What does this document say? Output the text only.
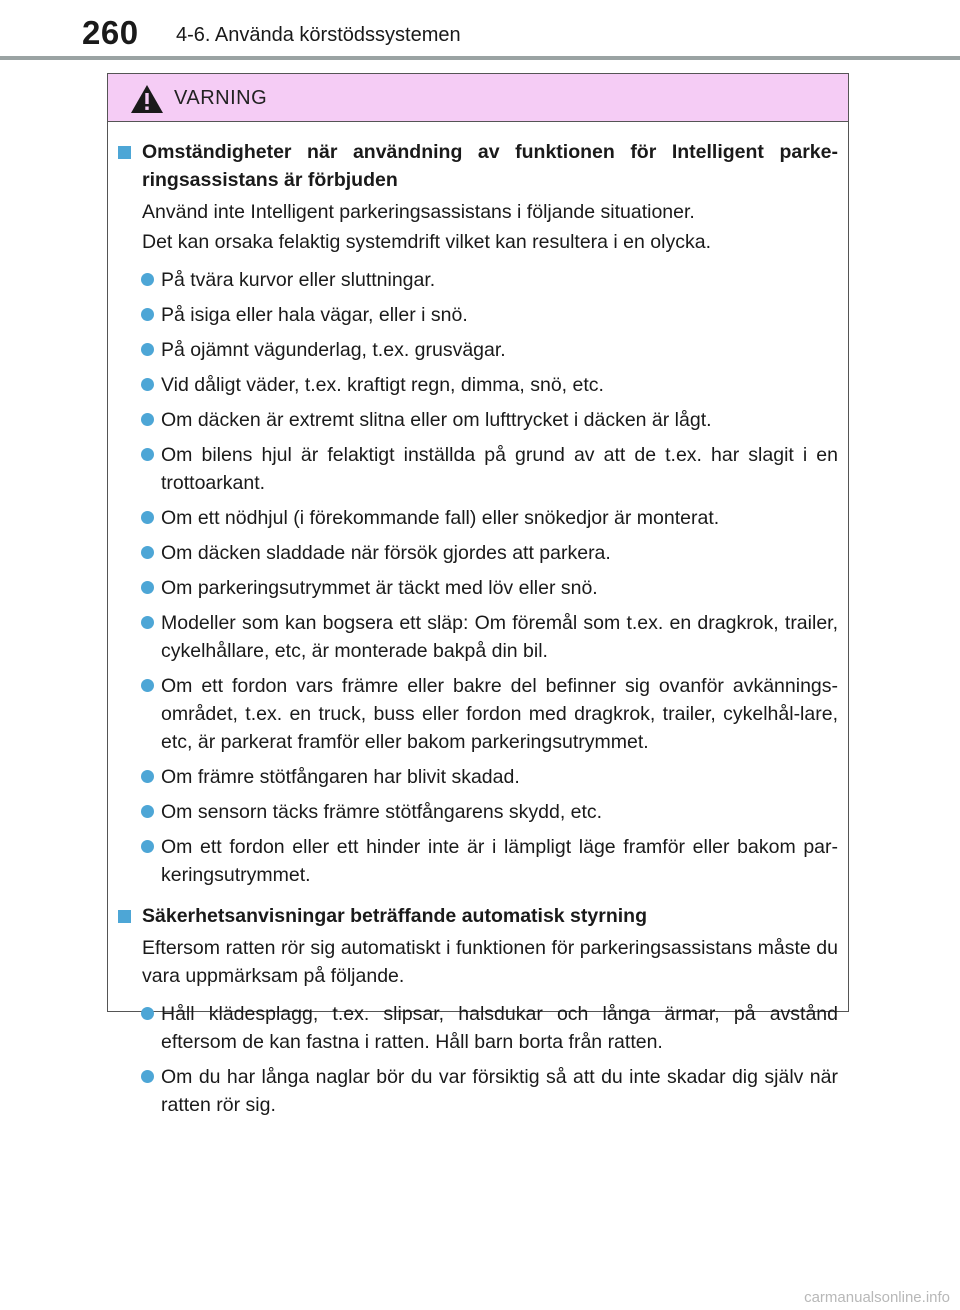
260 4-6. Använda körstödssystemen
VARNING
Omständigheter när användning av funktionen för Intelligent parke-ringsassistans är förbjuden
Använd inte Intelligent parkeringsassistans i följande situationer.
Det kan orsaka felaktig systemdrift vilket kan resultera i en olycka.
På tvära kurvor eller sluttningar.
På isiga eller hala vägar, eller i snö.
På ojämnt vägunderlag, t.ex. grusvägar.
Vid dåligt väder, t.ex. kraftigt regn, dimma, snö, etc.
Om däcken är extremt slitna eller om lufttrycket i däcken är lågt.
Om bilens hjul är felaktigt inställda på grund av att de t.ex. har slagit i en trottoarkant.
Om ett nödhjul (i förekommande fall) eller snökedjor är monterat.
Om däcken sladdade när försök gjordes att parkera.
Om parkeringsutrymmet är täckt med löv eller snö.
Modeller som kan bogsera ett släp: Om föremål som t.ex. en dragkrok, trailer, cykelhållare, etc, är monterade bakpå din bil.
Om ett fordon vars främre eller bakre del befinner sig ovanför avkännings-området, t.ex. en truck, buss eller fordon med dragkrok, trailer, cykelhål-lare, etc, är parkerat framför eller bakom parkeringsutrymmet.
Om främre stötfångaren har blivit skadad.
Om sensorn täcks främre stötfångarens skydd, etc.
Om ett fordon eller ett hinder inte är i lämpligt läge framför eller bakom par-keringsutrymmet.
Säkerhetsanvisningar beträffande automatisk styrning
Eftersom ratten rör sig automatiskt i funktionen för parkeringsassistans måste du vara uppmärksam på följande.
Håll klädesplagg, t.ex. slipsar, halsdukar och långa ärmar, på avstånd eftersom de kan fastna i ratten. Håll barn borta från ratten.
Om du har långa naglar bör du var försiktig så att du inte skadar dig själv när ratten rör sig.
carmanualsonline.info
